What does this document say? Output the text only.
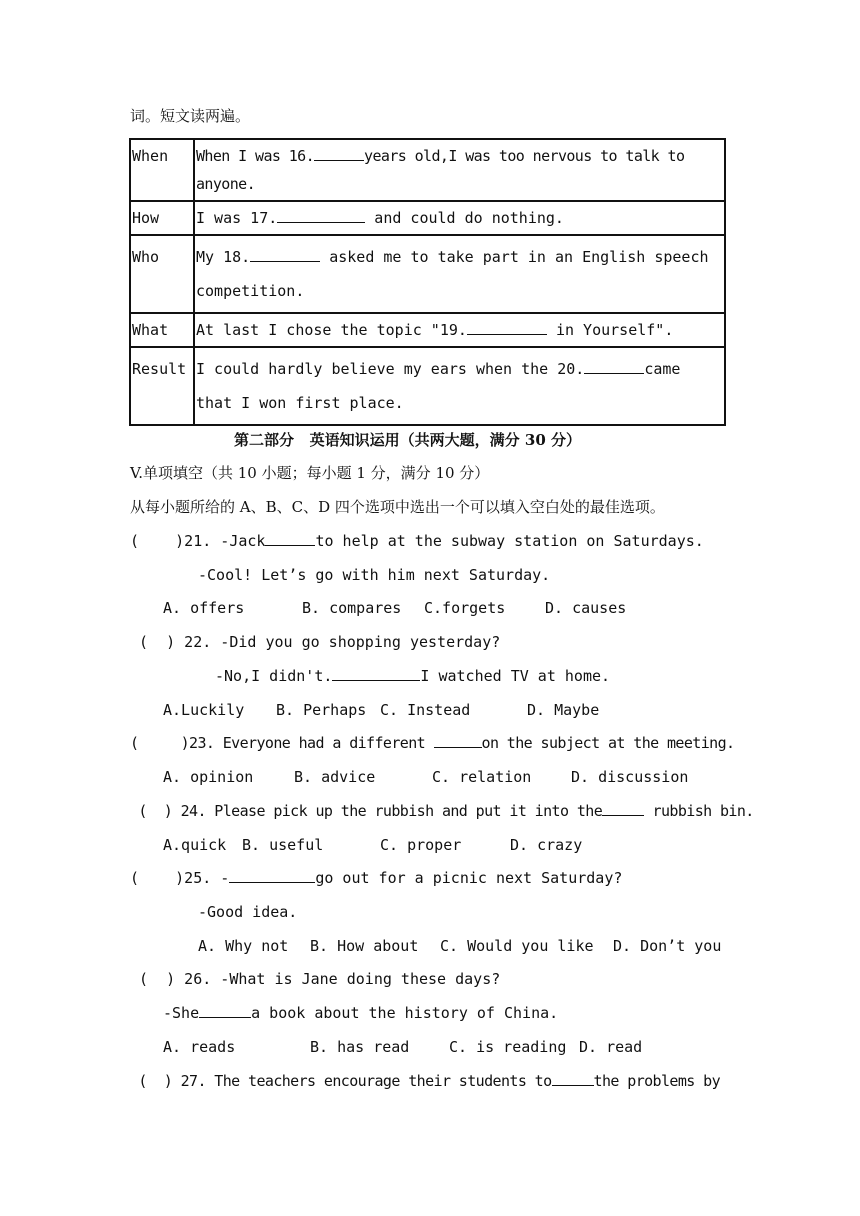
词。短文读两遍。
When	When I was 16. years old,I was too nervous to talk to anyone.
How	I was 17. and could do nothing.
Who	My 18. asked me to take part in an English speech competition.
What	At last I chose the topic "19. in Yourself".
Result	I could hardly believe my ears when the 20. came that I won first place.
第二部分   英语知识运用（共两大题，满分 30 分）
V.单项填空（共 10 小题；每小题 1 分，满分 10 分）
从每小题所给的 A、B、C、D 四个选项中选出一个可以填入空白处的最佳选项。
(    )21. -Jack	to help at the subway station on Saturdays.
-Cool! Let’s go with him next Saturday.
A. offers	B. compares C.forgets	D. causes
(  ) 22. -Did you go shopping yesterday?
-No,I didn't.	I watched TV at home.
A.Luckily B. Perhaps C. Instead	D. Maybe
(     )23. Everyone had a different	on the subject at the meeting.
A. opinion	B. advice	C. relation	D. discussion
(  ) 24. Please pick up the rubbish and put it into the	rubbish bin.
A.quick B. useful	C. proper	D. crazy
(    )25. -	go out for a picnic next Saturday?
-Good idea.
A. Why not B. How about C. Would you like D. Don’t you
(  ) 26. -What is Jane doing these days?
-She	a book about the history of China.
A. reads	B. has read	C. is reading D. read
(  ) 27. The teachers encourage their students to	the problems by
